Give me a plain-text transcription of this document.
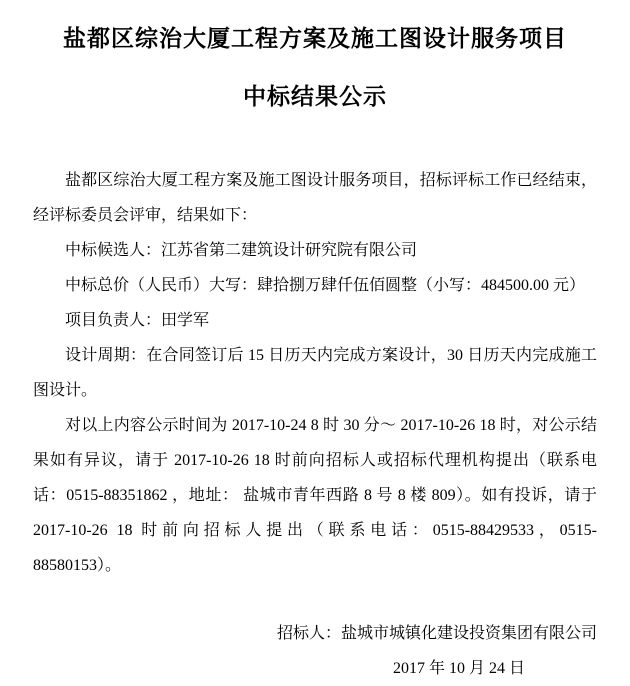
盐都区综治大厦工程方案及施工图设计服务项目
中标结果公示

盐都区综治大厦工程方案及施工图设计服务项目，招标评标工作已经结束，经评标委员会评审，结果如下：

中标候选人：江苏省第二建筑设计研究院有限公司

中标总价（人民币）大写：肆拾捌万肆仟伍佰圆整（小写：484500.00 元）

项目负责人：田学军

设计周期：在合同签订后 15 日历天内完成方案设计，30 日历天内完成施工图设计。

对以上内容公示时间为 2017-10-24 8 时 30 分～ 2017-10-26 18 时，对公示结果如有异议，请于 2017-10-26 18 时前向招标人或招标代理机构提出（联系电话：0515-88351862 ，地址： 盐城市青年西路 8 号 8 楼 809）。如有投诉，请于 2017-10-26 18 时前向招标人提出（联系电话：0515-88429533，0515-88580153）。

招标人：盐城市城镇化建设投资集团有限公司
2017 年 10 月 24 日
